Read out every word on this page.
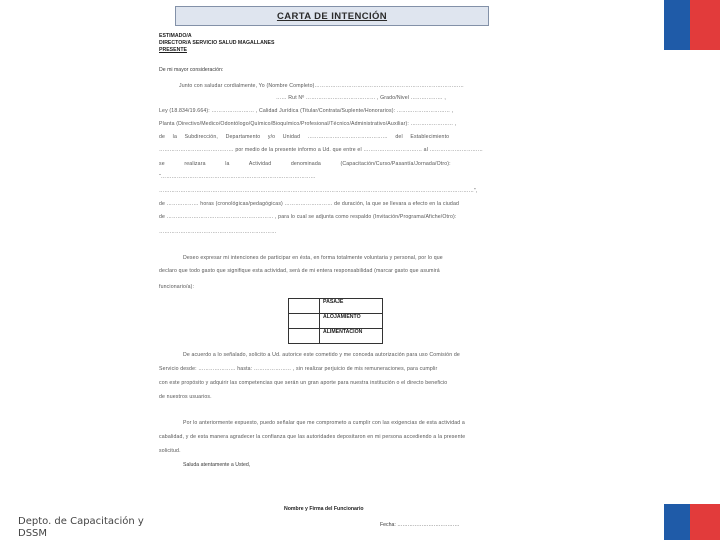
CARTA DE INTENCIÓN
ESTIMADO/A
DIRECTOR/A SERVICIO SALUD MAGALLANES
PRESENTE
De mi mayor consideración:
Junto con saludar cordialmente, Yo (Nombre Completo)…………………………………………………………………………
…… Rut Nº ………………………………… , Grado/Nivel ……………… ,
Ley (18.834/19.664): …………………… , Calidad Jurídica (Titular/Contrata/Suplente/Honorarios): ………………………… ,
Planta (Directivo/Medico/Odontólogo/Químico/Bioquímico/Profesional/Técnico/Administrativo/Auxiliar): …………………… ,
de la Subdirección, Departamento y/o Unidad ……………………………………… del Establecimiento
…………………………………… por medio de la presente informo a Ud. que entre el …………………………… al …………………………
se realizara la Actividad denominada (Capacitación/Curso/Pasantía/Jornada/Otro):
“……………………………………………………………………………
……………………………………………………………………………………………………………………………………………………………”,
de ……………… horas (cronológicas/pedagógicas) ……………………… de duración, la que se llevara a efecto en la ciudad
de …………………………………………………… , para lo cual se adjunta como respaldo (Invitación/Programa/Afiche/Otro):
…………………………………………………………
Deseo expresar mi intenciones de participar en ésta, en forma totalmente voluntaria y personal, por lo que
declaro que todo gasto que signifique esta actividad, será de mi entera responsabilidad (marcar gasto que asumirá
funcionario/a):
	PASAJE
	ALOJAMIENTO
	ALIMENTACION
De acuerdo a lo señalado, solicito a Ud. autorice este cometido y me conceda autorización para uso Comisión de
Servicio desde: ………………… hasta: ………………… , sin realizar perjuicio de mis remuneraciones, para cumplir
con este propósito y adquirir las competencias que serán un gran aporte para nuestra institución o el directo beneficio
de nuestros usuarios.
Por lo anteriormente expuesto, puedo señalar que me comprometo a cumplir con las exigencias de esta actividad a
cabalidad, y de esta manera agradecer la confianza que las autoridades depositaron en mi persona accediendo a la presente
solicitud.
Saluda atentamente a Usted,
Nombre y Firma del Funcionario
Fecha: ………………………………
Depto. de Capacitación y
DSSM
